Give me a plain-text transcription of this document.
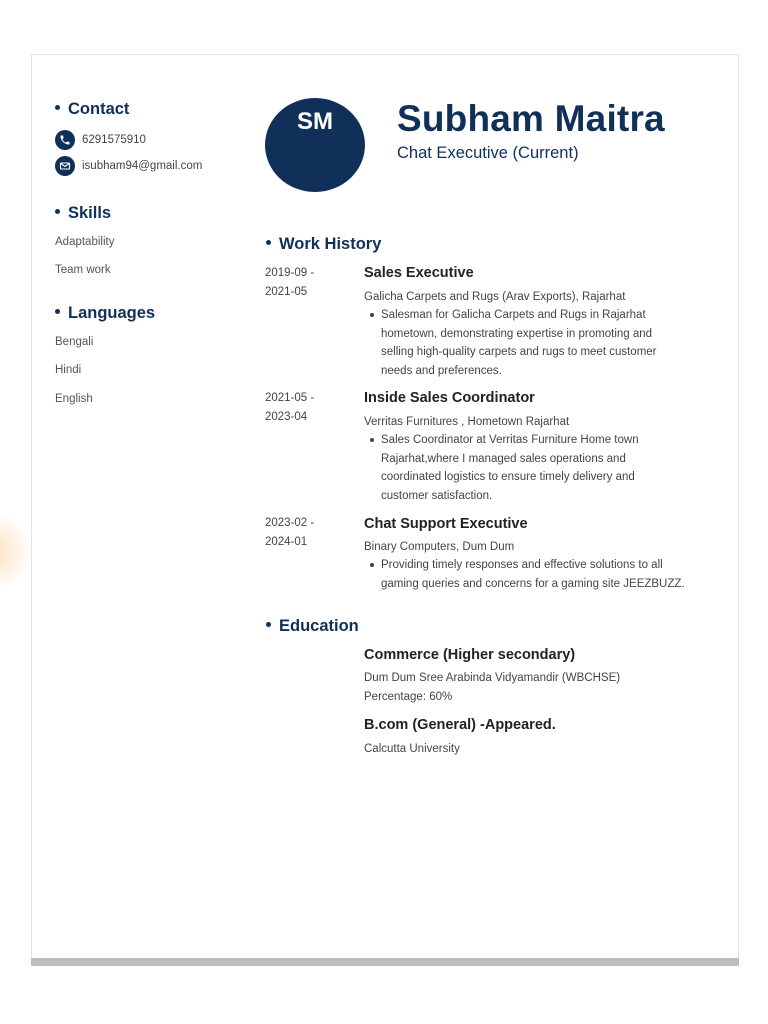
Contact
6291575910
isubham94@gmail.com
Skills
Adaptability
Team work
Languages
Bengali
Hindi
English
SM	Subham Maitra
Chat Executive (Current)
Work History
2019-09 -
2021-05
Sales Executive
Galicha Carpets and Rugs (Arav Exports), Rajarhat
Salesman for Galicha Carpets and Rugs in Rajarhat
hometown, demonstrating expertise in promoting and
selling high-quality carpets and rugs to meet customer
needs and preferences.
2021-05 -
2023-04
Inside Sales Coordinator
Verritas Furnitures , Hometown Rajarhat
Sales Coordinator at Verritas Furniture Home town
Rajarhat,where I managed sales operations and
coordinated logistics to ensure timely delivery and
customer satisfaction.
2023-02 -
2024-01
Chat Support Executive
Binary Computers, Dum Dum
Providing timely responses and effective solutions to all
gaming queries and concerns for a gaming site JEEZBUZZ.
Education
Commerce (Higher secondary)
Dum Dum Sree Arabinda Vidyamandir (WBCHSE)
Percentage: 60%
B.com (General) -Appeared.
Calcutta University
